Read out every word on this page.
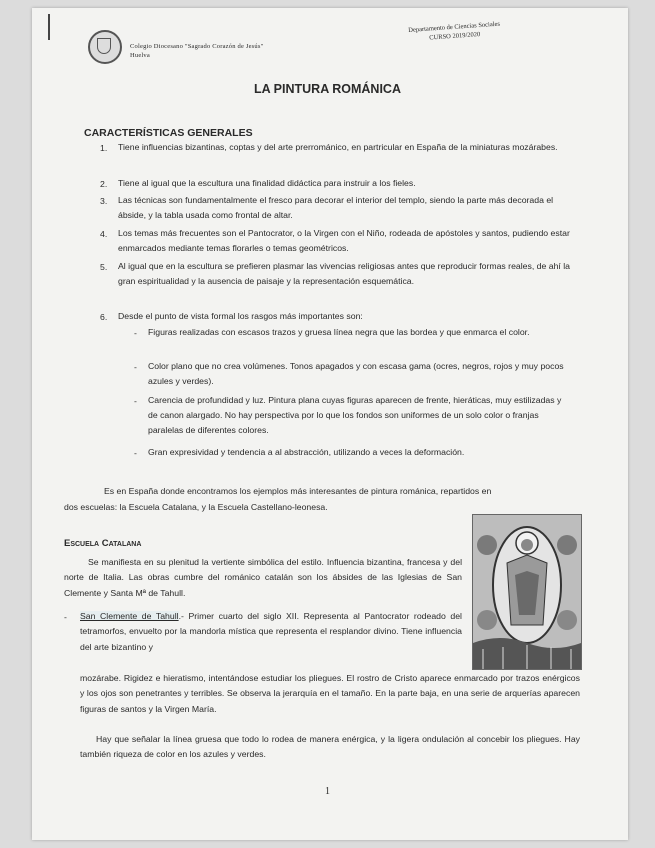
Colegio Diocesano "Sagrado Corazón de Jesús"
Huelva
Departamento de Ciencias Sociales
CURSO 2019/2020
LA PINTURA ROMÁNICA
CARACTERÍSTICAS GENERALES
1. Tiene influencias bizantinas, coptas y del arte prerrománico, en partricular en España de la miniaturas mozárabes.
2. Tiene al igual que la escultura una finalidad didáctica para instruir a los fieles.
3. Las técnicas son fundamentalmente el fresco para decorar el interior del templo, siendo la parte más decorada el ábside, y la tabla usada como frontal de altar.
4. Los temas más frecuentes son el Pantocrator, o la Virgen con el Niño, rodeada de apóstoles y santos, pudiendo estar enmarcados mediante temas florarles o temas geométricos.
5. Al igual que en la escultura se prefieren plasmar las vivencias religiosas antes que reproducir formas reales, de ahí la gran espiritualidad y la ausencia de paisaje y la representación esquemática.
6. Desde el punto de vista formal los rasgos más importantes son:
- Figuras realizadas con escasos trazos y gruesa línea negra que las bordea y que enmarca el color.
- Color plano que no crea volúmenes. Tonos apagados y con escasa gama (ocres, negros, rojos y muy pocos azules y verdes).
- Carencia de profundidad y luz. Pintura plana cuyas figuras aparecen de frente, hieráticas, muy estilizadas y de canon alargado. No hay perspectiva por lo que los fondos son uniformes de un solo color o franjas paralelas de diferentes colores.
- Gran expresividad y tendencia a al abstracción, utilizando a veces la deformación.
Es en España donde encontramos los ejemplos más interesantes de pintura románica, repartidos en
dos escuelas: la Escuela Catalana, y la Escuela Castellano-leonesa.
Escuela Catalana
Se manifiesta en su plenitud la vertiente simbólica del estilo. Influencia bizantina, francesa y del norte de Italia. Las obras cumbre del románico catalán son los ábsides de las Iglesias de San Clemente y Santa Mª de Tahull.
- San Clemente de Tahull.- Primer cuarto del siglo XII. Representa al Pantocrator rodeado del tetramorfos, envuelto por la mandorla mística que representa el resplandor divino. Tiene influencia del arte bizantino y
mozárabe. Rigidez e hieratismo, intentándose estudiar los pliegues. El rostro de Cristo aparece enmarcado por trazos enérgicos y los ojos son penetrantes y terribles. Se observa la jerarquía en el tamaño. En la parte baja, en una serie de arquerías aparecen figuras de santos y la Virgen María.
Hay que señalar la línea gruesa que todo lo rodea de manera enérgica, y la ligera ondulación al concebir los pliegues. Hay también riqueza de color en los azules y verdes.
1
